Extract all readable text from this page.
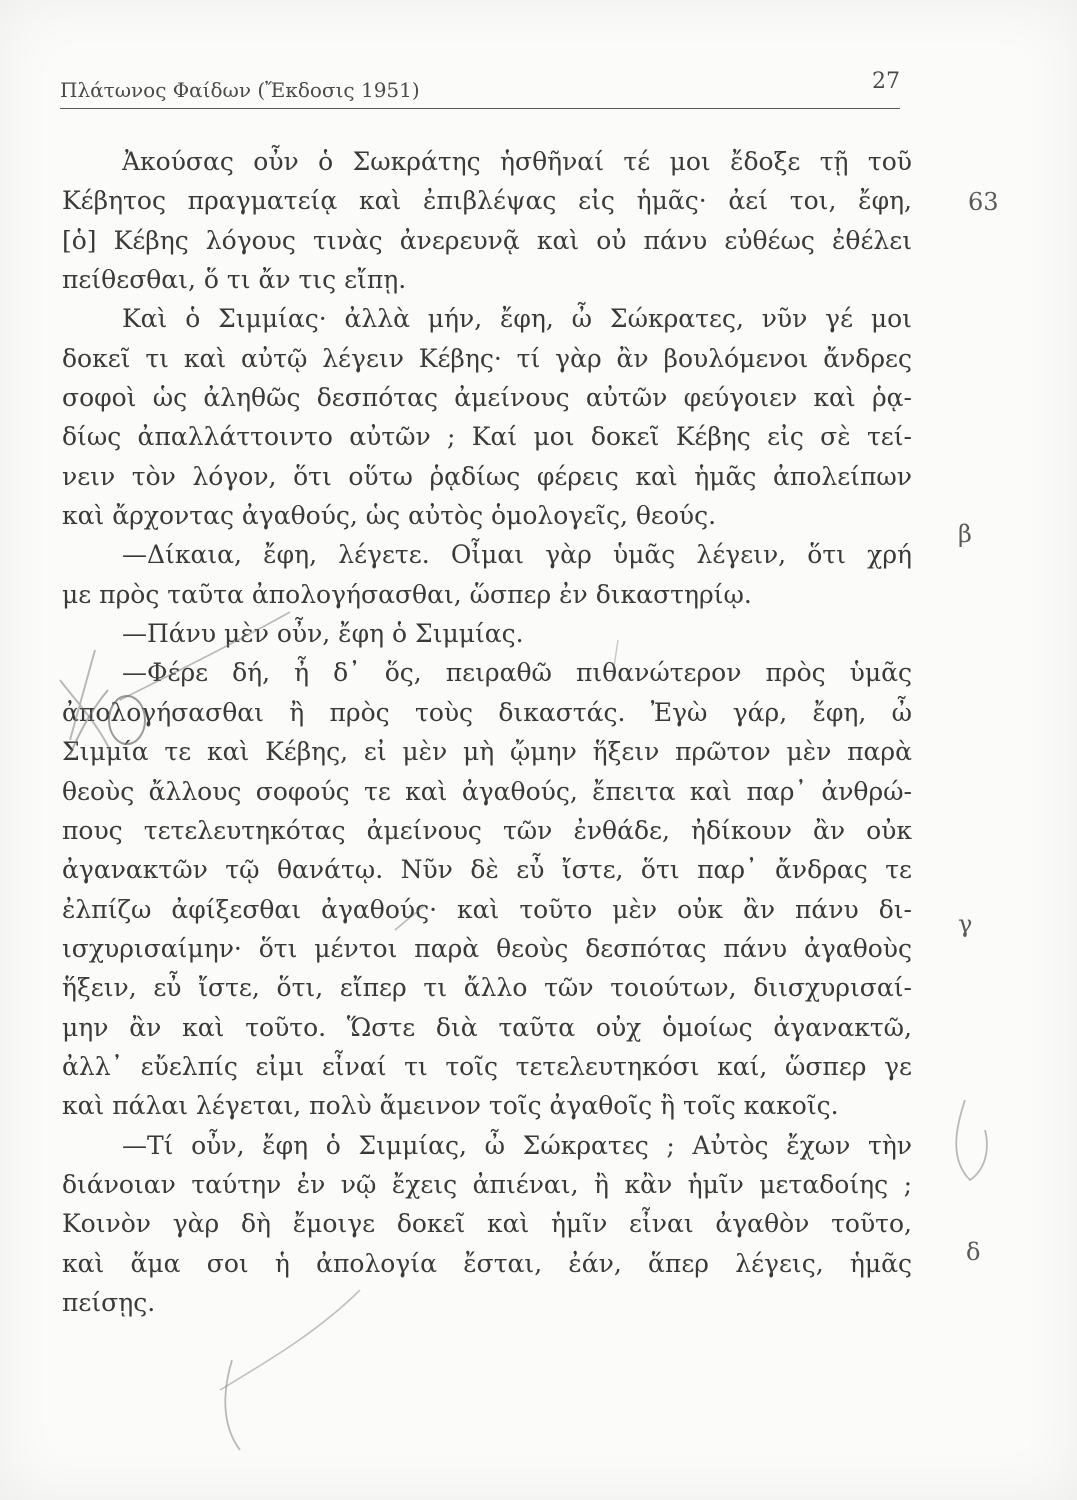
Πλάτωνος Φαίδων (Ἔκδοσις 1951)	27
Ἀκούσας οὖν ὁ Σωκράτης ἡσθῆναί τέ μοι ἔδοξε τῇ τοῦ
Κέβητος πραγματείᾳ καὶ ἐπιβλέψας εἰς ἡμᾶς· ἀεί τοι, ἔφη,
[ὁ] Κέβης λόγους τινὰς ἀνερευνᾷ καὶ οὐ πάνυ εὐθέως ἐθέλει
πείθεσθαι, ὅ τι ἄν τις εἴπῃ.
Καὶ ὁ Σιμμίας· ἀλλὰ μήν, ἔφη, ὦ Σώκρατες, νῦν γέ μοι
δοκεῖ τι καὶ αὐτῷ λέγειν Κέβης· τί γὰρ ἂν βουλόμενοι ἄνδρες
σοφοὶ ὡς ἀληθῶς δεσπότας ἀμείνους αὐτῶν φεύγοιεν καὶ ῥᾳ-
δίως ἀπαλλάττοιντο αὐτῶν ; Καί μοι δοκεῖ Κέβης εἰς σὲ τεί-
νειν τὸν λόγον, ὅτι οὕτω ῥᾳδίως φέρεις καὶ ἡμᾶς ἀπολείπων
καὶ ἄρχοντας ἀγαθούς, ὡς αὐτὸς ὁμολογεῖς, θεούς.
—Δίκαια, ἔφη, λέγετε. Οἶμαι γὰρ ὑμᾶς λέγειν, ὅτι χρή
με πρὸς ταῦτα ἀπολογήσασθαι, ὥσπερ ἐν δικαστηρίῳ.
—Πάνυ μὲν οὖν, ἔφη ὁ Σιμμίας.
—Φέρε δή, ἦ δ᾽ ὅς, πειραθῶ πιθανώτερον πρὸς ὑμᾶς
ἀπολογήσασθαι ἢ πρὸς τοὺς δικαστάς. Ἐγὼ γάρ, ἔφη, ὦ
Σιμμία τε καὶ Κέβης, εἰ μὲν μὴ ᾤμην ἥξειν πρῶτον μὲν παρὰ
θεοὺς ἄλλους σοφούς τε καὶ ἀγαθούς, ἔπειτα καὶ παρ᾽ ἀνθρώ-
πους τετελευτηκότας ἀμείνους τῶν ἐνθάδε, ἠδίκουν ἂν οὐκ
ἀγανακτῶν τῷ θανάτῳ. Νῦν δὲ εὖ ἴστε, ὅτι παρ᾽ ἄνδρας τε
ἐλπίζω ἀφίξεσθαι ἀγαθούς· καὶ τοῦτο μὲν οὐκ ἂν πάνυ δι-
ισχυρισαίμην· ὅτι μέντοι παρὰ θεοὺς δεσπότας πάνυ ἀγαθοὺς
ἥξειν, εὖ ἴστε, ὅτι, εἴπερ τι ἄλλο τῶν τοιούτων, διισχυρισαί-
μην ἂν καὶ τοῦτο. Ὥστε διὰ ταῦτα οὐχ ὁμοίως ἀγανακτῶ,
ἀλλ᾽ εὔελπίς εἰμι εἶναί τι τοῖς τετελευτηκόσι καί, ὥσπερ γε
καὶ πάλαι λέγεται, πολὺ ἄμεινον τοῖς ἀγαθοῖς ἢ τοῖς κακοῖς.
—Τί οὖν, ἔφη ὁ Σιμμίας, ὦ Σώκρατες ; Αὐτὸς ἔχων τὴν
διάνοιαν ταύτην ἐν νῷ ἔχεις ἀπιέναι, ἢ κἂν ἡμῖν μεταδοίης ;
Κοινὸν γὰρ δὴ ἔμοιγε δοκεῖ καὶ ἡμῖν εἶναι ἀγαθὸν τοῦτο,
καὶ ἅμα σοι ἡ ἀπολογία ἔσται, ἐάν, ἅπερ λέγεις, ἡμᾶς
πείσῃς.
63
β
γ
δ
